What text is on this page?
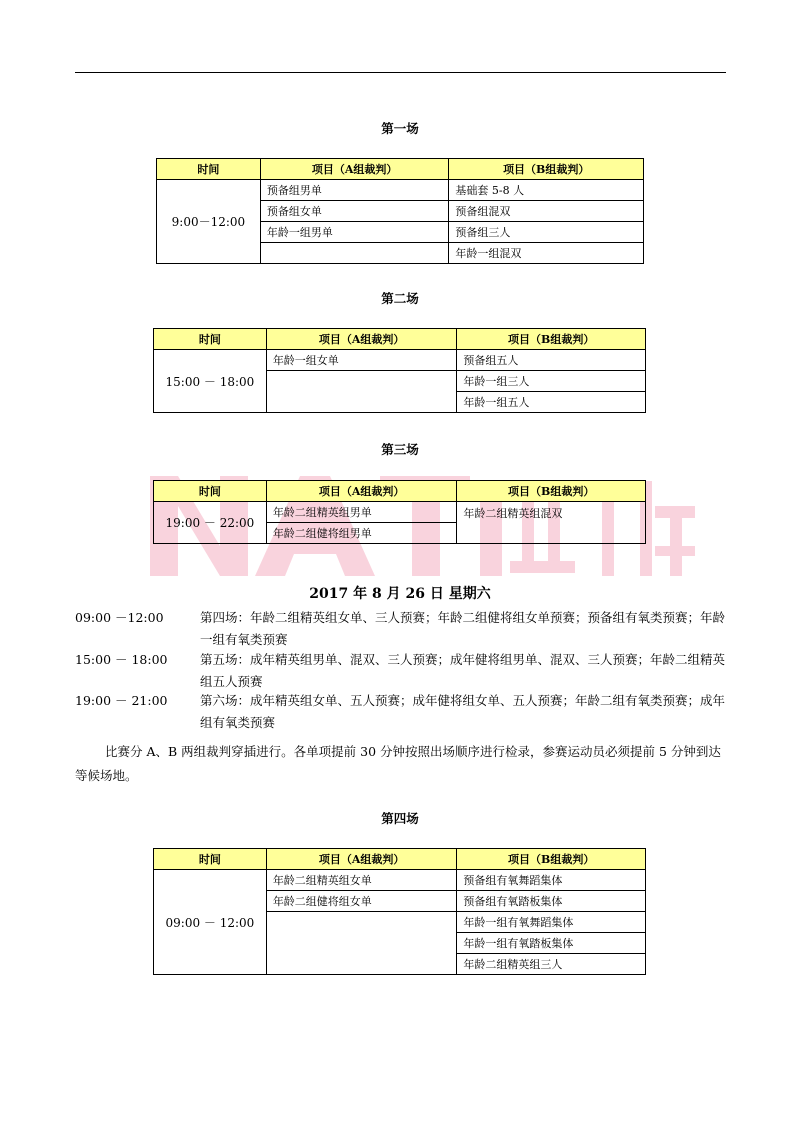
第一场
时间	项目（A组裁判）	项目（B组裁判）
9:00－12:00	预备组男单	基础套 5-8 人
	预备组女单	预备组混双
	年龄一组男单	预备组三人
		年龄一组混双
第二场
时间	项目（A组裁判）	项目（B组裁判）
15:00 － 18:00	年龄一组女单	预备组五人
		年龄一组三人
		年龄一组五人
第三场
时间	项目（A组裁判）	项目（B组裁判）
19:00 － 22:00	年龄二组精英组男单	年龄二组精英组混双
	年龄二组健将组男单	
2017 年 8 月 26 日 星期六
09:00 －12:00	第四场：年龄二组精英组女单、三人预赛；年龄二组健将组女单预赛；预备组有氧类预赛；年龄一组有氧类预赛
15:00 － 18:00	第五场：成年精英组男单、混双、三人预赛；成年健将组男单、混双、三人预赛；年龄二组精英组五人预赛
19:00 － 21:00	第六场：成年精英组女单、五人预赛；成年健将组女单、五人预赛；年龄二组有氧类预赛；成年组有氧类预赛
比赛分 A、B 两组裁判穿插进行。各单项提前 30 分钟按照出场顺序进行检录，参赛运动员必须提前 5 分钟到达等候场地。
第四场
时间	项目（A组裁判）	项目（B组裁判）
09:00 － 12:00	年龄二组精英组女单	预备组有氧舞蹈集体
	年龄二组健将组女单	预备组有氧踏板集体
		年龄一组有氧舞蹈集体
		年龄一组有氧踏板集体
		年龄二组精英组三人
